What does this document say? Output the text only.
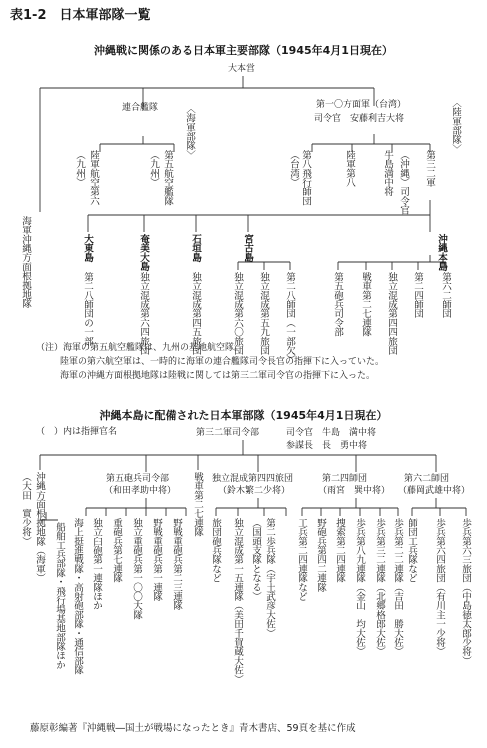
表1-2　日本軍部隊一覧
沖縄戦に関係のある日本軍主要部隊（1945年4月1日現在）
大本営
連合艦隊	〈海軍部隊〉
陸軍航空第六
（九州）	第五航空艦隊
（九州）
海軍沖縄方面根拠地隊
第一〇方面軍（台湾）
司令官　安藤利吉大将	〈陸軍部隊〉
第八飛行師団
（台湾）	陸軍第八	牛島満中将 （沖縄）司令官 第三二軍
大東島
第二八師団の一部
奄美大島
独立混成第六四旅団
石垣島
独立混成第四五旅団
宮古島
独立混成第六〇旅団 独立混成第五九旅団 第二八師団（一部欠）
沖縄本島
第五砲兵司令部 戦車第二七連隊 独立混成第四四旅団 第二四師団 第六二師団
（注）海軍の第五航空艦隊は、九州の基地航空隊。
陸軍の第六航空軍は、一時的に海軍の連合艦隊司令長官の指揮下に入っていた。
海軍の沖縄方面根拠地隊は陸戦に関しては第三二軍司令官の指揮下に入った。
沖縄本島に配備された日本軍部隊（1945年4月1日現在）
（　）内は指揮官名	第三二軍司令部	司令官　牛島　満中将
参謀長　長　勇中将
沖縄方面根拠地隊（海軍）
（大田　實少将）
船舶工兵部隊・飛行場基地部隊ほか
第五砲兵司令部
（和田孝助中将）
海上挺進戦隊・高射砲部隊・通信部隊 独立臼砲第一連隊ほか 重砲兵第七連隊 独立重砲兵第一〇〇大隊 野戦重砲兵第一連隊 野戦重砲兵第二三連隊
戦車第二七連隊 独立混成第四四旅団
（鈴木繁二少将）
旅団砲兵隊など 独立混成第一五連隊（美田千賀蔵大佐） 第二歩兵隊（宇土武彦大佐）
（国頭支隊となる）
第二四師団
（雨宮　巽中将）
工兵第二四連隊など 野砲兵第四二連隊 捜索第二四連隊 歩兵第八九連隊（金山　均大佐） 歩兵第三二連隊（北郷格郎大佐） 歩兵第二二連隊（吉田　勝大佐）
第六二師団
（藤岡武雄中将）
師団工兵隊など 歩兵第六四旅団（有川主一少将） 歩兵第六三旅団（中島徳太郎少将）
藤原彰編著『沖縄戦―国土が戦場になったとき』青木書店、59頁を基に作成
